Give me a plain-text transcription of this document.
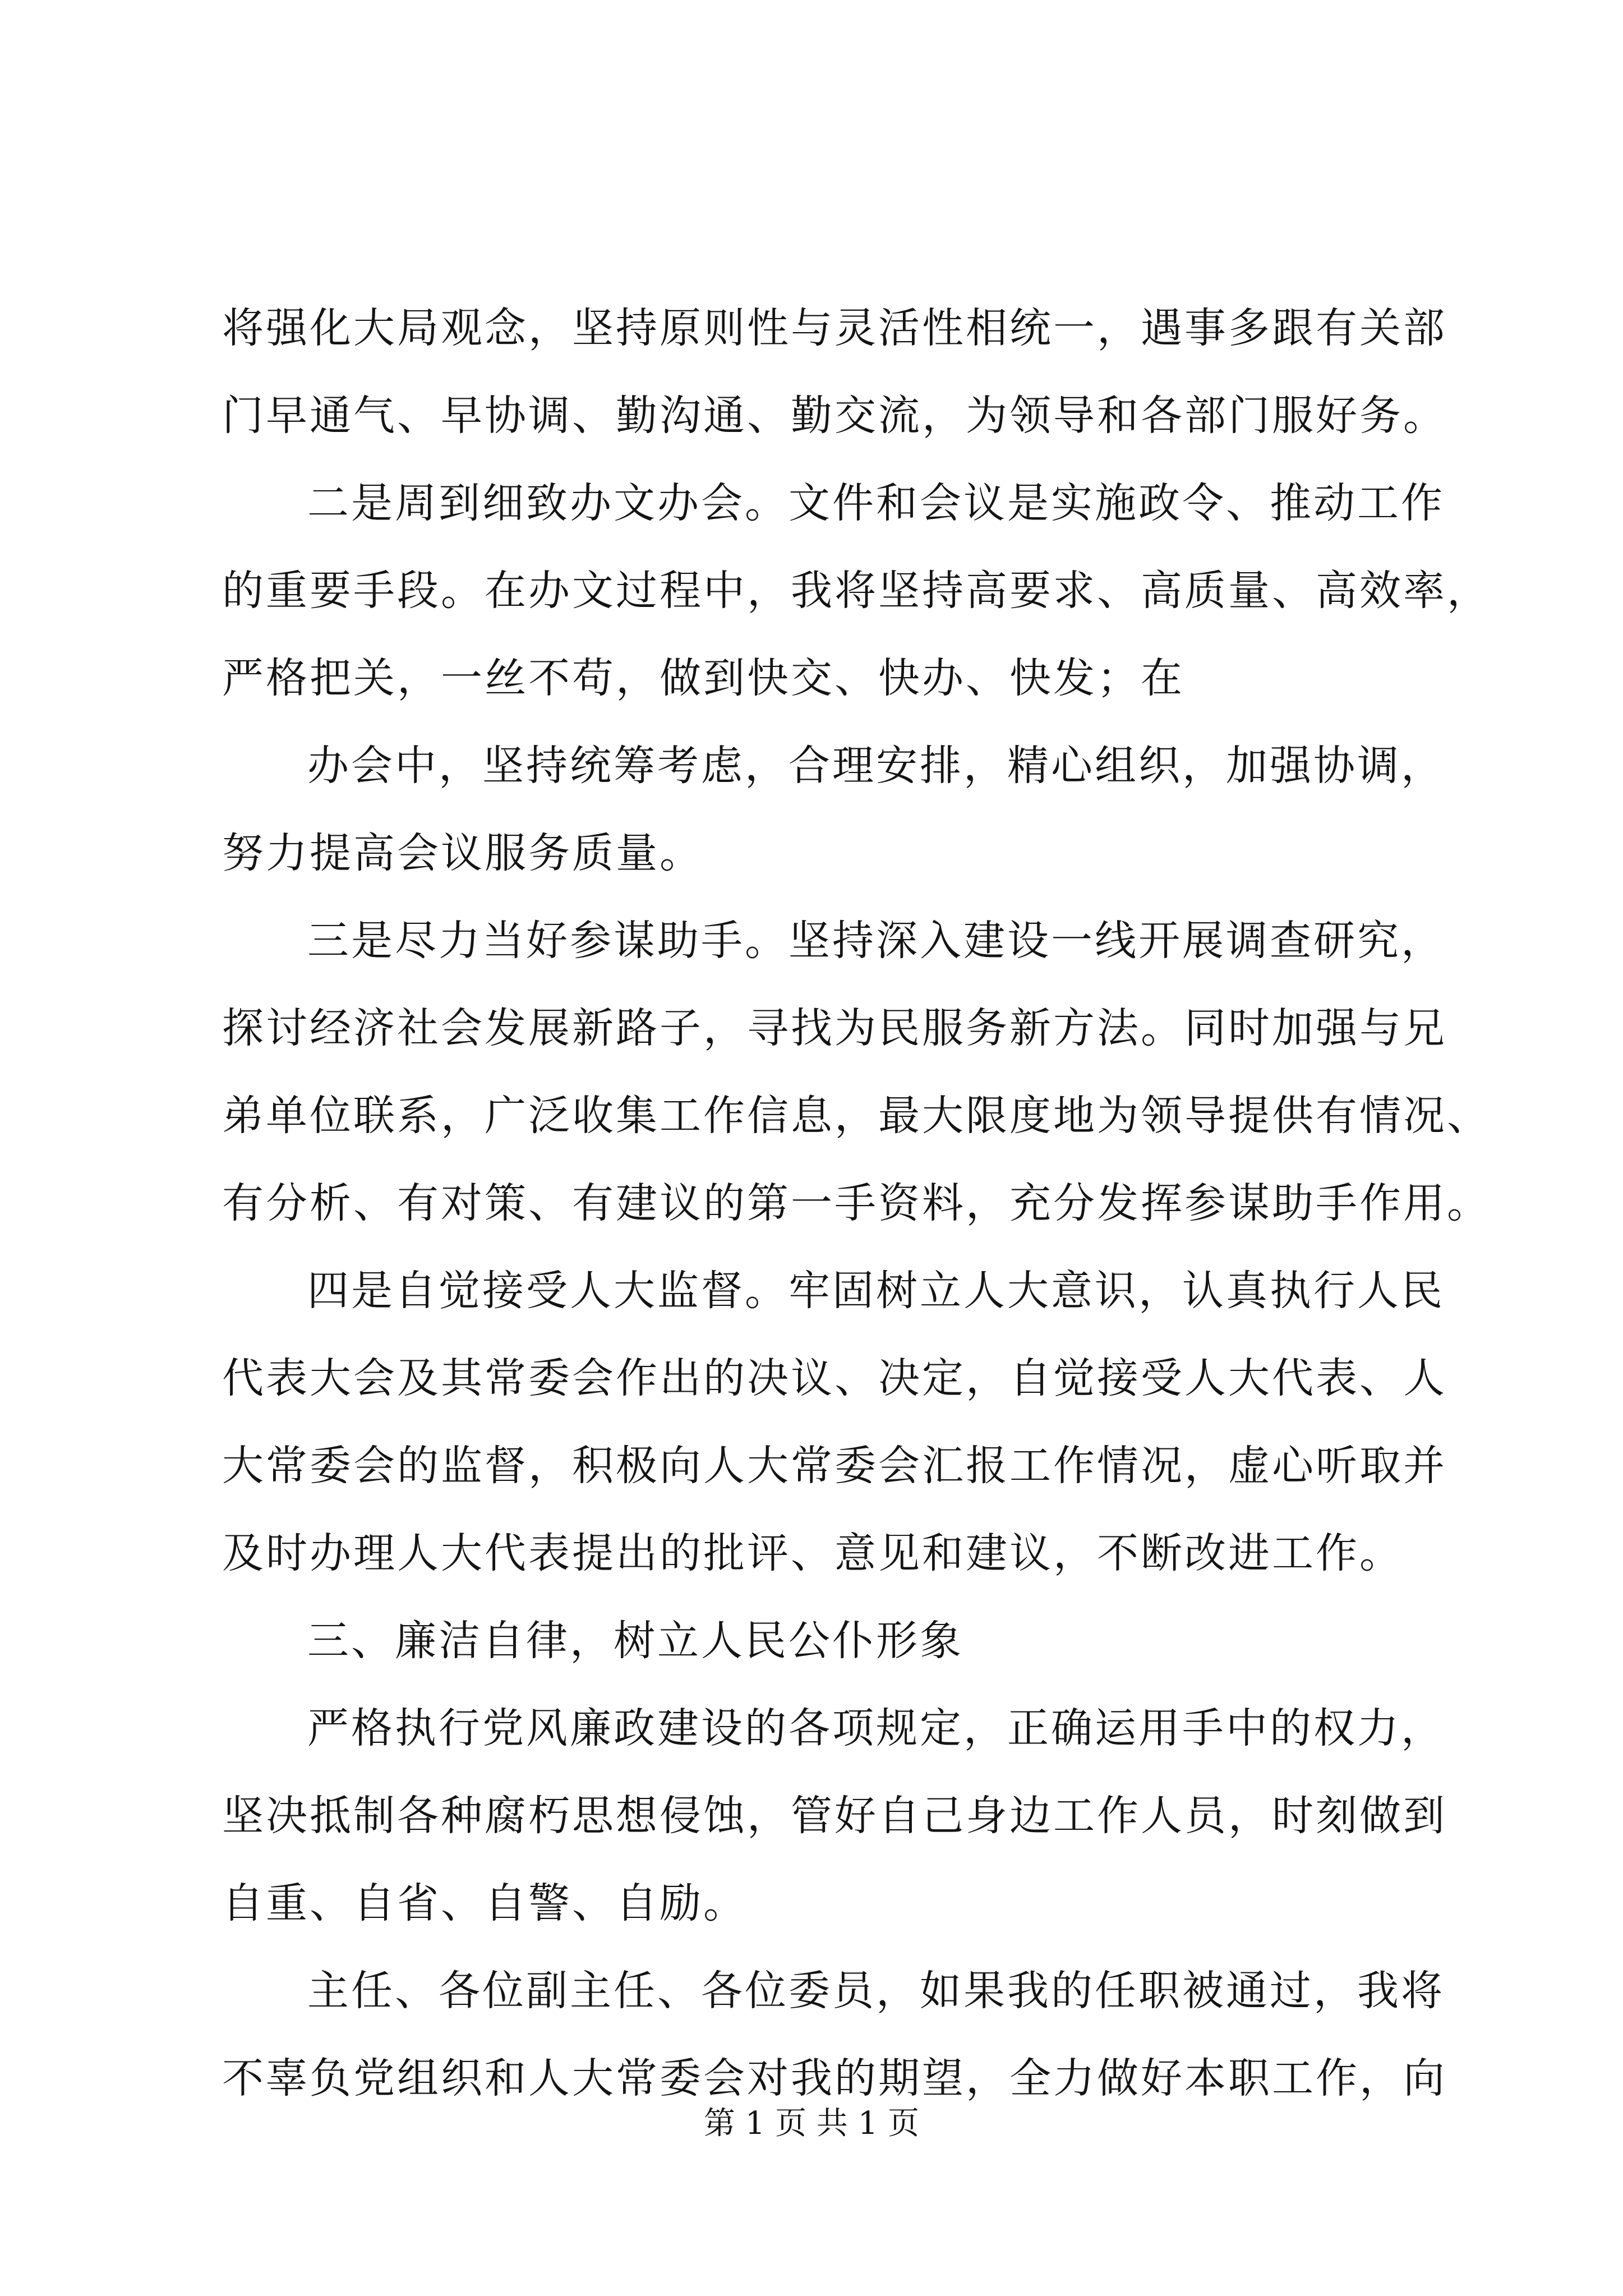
将强化大局观念，坚持原则性与灵活性相统一，遇事多跟有关部
门早通气、早协调、勤沟通、勤交流，为领导和各部门服好务。
二是周到细致办文办会。文件和会议是实施政令、推动工作
的重要手段。在办文过程中，我将坚持高要求、高质量、高效率，
严格把关，一丝不苟，做到快交、快办、快发；在
办会中，坚持统筹考虑，合理安排，精心组织，加强协调，
努力提高会议服务质量。
三是尽力当好参谋助手。坚持深入建设一线开展调查研究，
探讨经济社会发展新路子，寻找为民服务新方法。同时加强与兄
弟单位联系，广泛收集工作信息，最大限度地为领导提供有情况、
有分析、有对策、有建议的第一手资料，充分发挥参谋助手作用。
四是自觉接受人大监督。牢固树立人大意识，认真执行人民
代表大会及其常委会作出的决议、决定，自觉接受人大代表、人
大常委会的监督，积极向人大常委会汇报工作情况，虚心听取并
及时办理人大代表提出的批评、意见和建议，不断改进工作。
三、廉洁自律，树立人民公仆形象
严格执行党风廉政建设的各项规定，正确运用手中的权力，
坚决抵制各种腐朽思想侵蚀，管好自己身边工作人员，时刻做到
自重、自省、自警、自励。
主任、各位副主任、各位委员，如果我的任职被通过，我将
不辜负党组织和人大常委会对我的期望，全力做好本职工作，向
第 1 页 共 1 页
